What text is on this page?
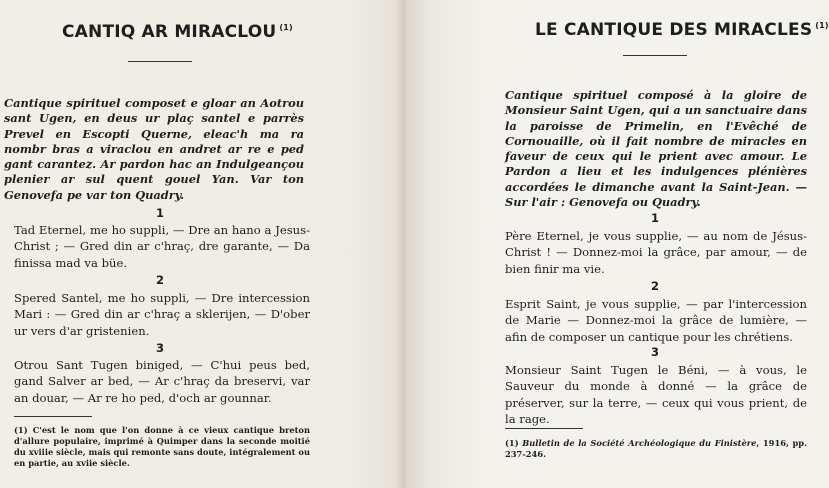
CANTIQ AR MIRACLOU $^{(1)}$
Cantique spirituel composet e gloar an Aotrou sant Ugen, en deus ur plaç santel e parrès Prevel en Escopti Querne, eleac'h ma ra nombr bras a viraclou en andret ar re e ped gant carantez. Ar pardon hac an Indulgeançou plenier ar sul quent gouel Yan. Var ton Genovefa pe var ton Quadry.
1
Tad Eternel, me ho suppli, — Dre an hano a Jesus-Christ ; — Gred din ar c'hraç, dre garante, — Da finissa mad va büe.
2
Spered Santel, me ho suppli, — Dre intercession Mari : — Gred din ar c'hraç a sklerijen, — D'ober ur vers d'ar gristenien.
3
Otrou Sant Tugen biniged, — C'hui peus bed, gand Salver ar bed, — Ar c'hraç da breservi, var an douar, — Ar re ho ped, d'och ar gounnar.
(1) C'est le nom que l'on donne à ce vieux cantique breton d'allure populaire, imprimé à Quimper dans la seconde moitié du xviiie siècle, mais qui remonte sans doute, intégralement ou en partie, au xviie siècle.
LE CANTIQUE DES MIRACLES $^{(1)}$
Cantique spirituel composé à la gloire de Monsieur Saint Ugen, qui a un sanctuaire dans la paroisse de Primelin, en l'Evêché de Cornouaille, où il fait nombre de miracles en faveur de ceux qui le prient avec amour. Le Pardon a lieu et les indulgences plénières accordées le dimanche avant la Saint-Jean. — Sur l'air : Genovefa ou Quadry.
1
Père Eternel, je vous supplie, — au nom de Jésus-Christ ! — Donnez-moi la grâce, par amour, — de bien finir ma vie.
2
Esprit Saint, je vous supplie, — par l'intercession de Marie — Donnez-moi la grâce de lumière, — afin de composer un cantique pour les chrétiens.
3
Monsieur Saint Tugen le Béni, — à vous, le Sauveur du monde à donné — la grâce de préserver, sur la terre, — ceux qui vous prient, de la rage.
(1) Bulletin de la Société Archéologique du Finistère, 1916, pp. 237-246.
